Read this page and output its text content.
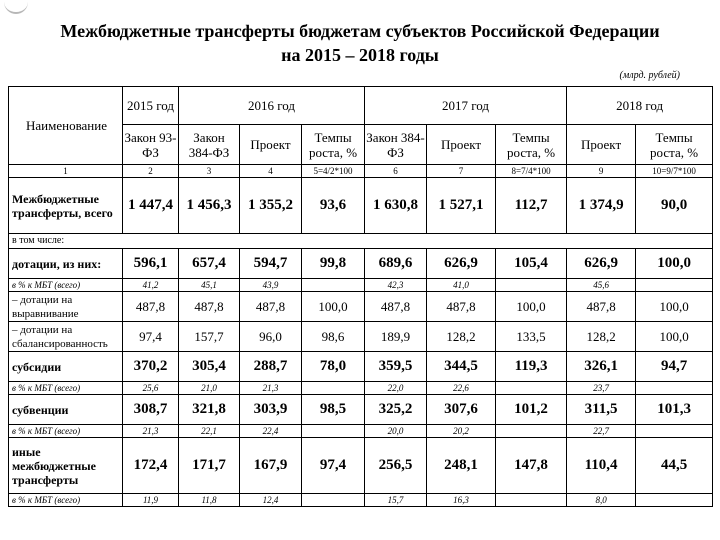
Межбюджетные трансферты бюджетам субъектов Российской Федерации
на 2015 – 2018 годы
(млрд. рублей)
Наименование	2015 год	2016 год			2017 год			2018 год	
	Закон 93-ФЗ	Закон 384-ФЗ	Проект	Темпы роста, %	Закон 384-ФЗ	Проект	Темпы роста, %	Проект	Темпы роста, %
1	2	3	4	5=4/2*100	6	7	8=7/4*100	9	10=9/7*100
Межбюджетные трансферты, всего	1 447,4	1 456,3	1 355,2	93,6	1 630,8	1 527,1	112,7	1 374,9	90,0
в том числе:									
дотации, из них:	596,1	657,4	594,7	99,8	689,6	626,9	105,4	626,9	100,0
в % к МБТ (всего)	41,2	45,1	43,9		42,3	41,0		45,6	
– дотации на выравнивание	487,8	487,8	487,8	100,0	487,8	487,8	100,0	487,8	100,0
– дотации на сбалансированность	97,4	157,7	96,0	98,6	189,9	128,2	133,5	128,2	100,0
субсидии	370,2	305,4	288,7	78,0	359,5	344,5	119,3	326,1	94,7
в % к МБТ (всего)	25,6	21,0	21,3		22,0	22,6		23,7	
субвенции	308,7	321,8	303,9	98,5	325,2	307,6	101,2	311,5	101,3
в % к МБТ (всего)	21,3	22,1	22,4		20,0	20,2		22,7	
иные межбюджетные трансферты	172,4	171,7	167,9	97,4	256,5	248,1	147,8	110,4	44,5
в % к МБТ (всего)	11,9	11,8	12,4		15,7	16,3		8,0	
